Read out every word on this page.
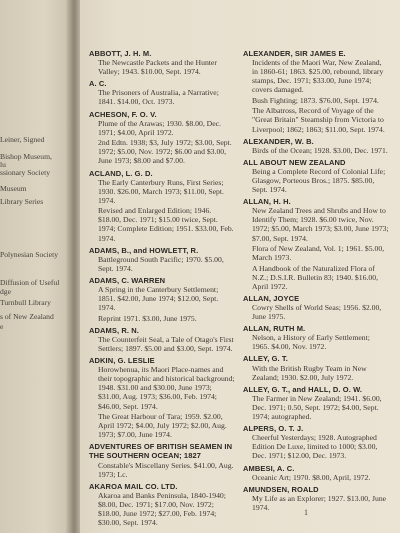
Leiner, Signed
Bishop Museum,
lu
ssionary Society
Museum
Library Series
Polynesian Society
Diffusion of Useful
dge
Turnbull Library
s of New Zealand
e
ABBOTT, J. H. M.
The Newcastle Packets and the Hunter Valley; 1943. $10.00, Sept. 1974.
A. C.
The Prisoners of Australia, a Narrative; 1841. $14.00, Oct. 1973.
ACHESON, F. O. V.
Plume of the Arawas; 1930. $8.00, Dec. 1971; $4.00, April 1972.
2nd Edtn. 1938; $3, July 1972; $3.00, Sept. 1972; $5.00, Nov. 1972; $6.00 and $3.00, June 1973; $8.00 and $7.00.
ACLAND, L. G. D.
The Early Canterbury Runs, First Series; 1930. $26.00, March 1973; $11.00, Sept. 1974.
Revised and Enlarged Edition; 1946. $18.00, Dec. 1971; $15.00 twice, Sept. 1974; Complete Edition; 1951. $33.00, Feb. 1974.
ADAMS, B., and HOWLETT, R.
Battleground South Pacific; 1970. $5.00, Sept. 1974.
ADAMS, C. WARREN
A Spring in the Canterbury Settlement; 1851. $42.00, June 1974; $12.00, Sept. 1974.
Reprint 1971. $3.00, June 1975.
ADAMS, R. N.
The Counterfeit Seal, a Tale of Otago's First Settlers; 1897. $5.00 and $3.00, Sept. 1974.
ADKIN, G. LESLIE
Horowhenua, its Maori Place-names and their topographic and historical background; 1948. $31.00 and $30.00, June 1973; $31.00, Aug. 1973; $36.00, Feb. 1974; $46.00, Sept. 1974.
The Great Harbour of Tara; 1959. $2.00, April 1972; $4.00, July 1972; $2.00, Aug. 1973; $7.00, June 1974.
ADVENTURES OF BRITISH SEAMEN IN THE SOUTHERN OCEAN; 1827
Constable's Miscellany Series. $41.00, Aug. 1973; Lc.
AKAROA MAIL CO. LTD.
Akaroa and Banks Peninsula, 1840-1940; $8.00, Dec. 1971; $17.00, Nov. 1972; $18.00, June 1972; $27.00, Feb. 1974; $30.00, Sept. 1974.
ALEXANDER, SIR JAMES E.
Incidents of the Maori War, New Zealand, in 1860-61; 1863. $25.00, rebound, library stamps, Dec. 1971; $33.00, June 1974; covers damaged.
Bush Fighting; 1873. $76.00, Sept. 1974.
The Albatross, Record of Voyage of the "Great Britain" Steamship from Victoria to Liverpool; 1862; 1863; $11.00, Sept. 1974.
ALEXANDER, W. B.
Birds of the Ocean; 1928. $3.00, Dec. 1971.
ALL ABOUT NEW ZEALAND
Being a Complete Record of Colonial Life; Glasgow, Porteous Bros.; 1875. $85.00, Sept. 1974.
ALLAN, H. H.
New Zealand Trees and Shrubs and How to Identify Them; 1928. $6.00 twice, Nov. 1972; $5.00, March 1973; $3.00, June 1973; $7.00, Sept. 1974.
Flora of New Zealand, Vol. 1; 1961. $5.00, March 1973.
A Handbook of the Naturalized Flora of N.Z.; D.S.I.R. Bulletin 83; 1940. $16.00, April 1972.
ALLAN, JOYCE
Cowry Shells of World Seas; 1956. $2.00, June 1975.
ALLAN, RUTH M.
Nelson, a History of Early Settlement; 1965. $4.00, Nov. 1972.
ALLEY, G. T.
With the British Rugby Team in New Zealand; 1930. $2.00, July 1972.
ALLEY, G. T., and HALL, D. O. W.
The Farmer in New Zealand; 1941. $6.00, Dec. 1971; 0.50, Sept. 1972; $4.00, Sept. 1974; autographed.
ALPERS, O. T. J.
Cheerful Yesterdays; 1928. Autographed Edition De Luxe, limited to 1000; $3.00, Dec. 1971; $12.00, Dec. 1973.
AMBESI, A. C.
Oceanic Art; 1970. $8.00, April, 1972.
AMUNDSEN, ROALD
My Life as an Explorer; 1927. $13.00, June 1974.
1
